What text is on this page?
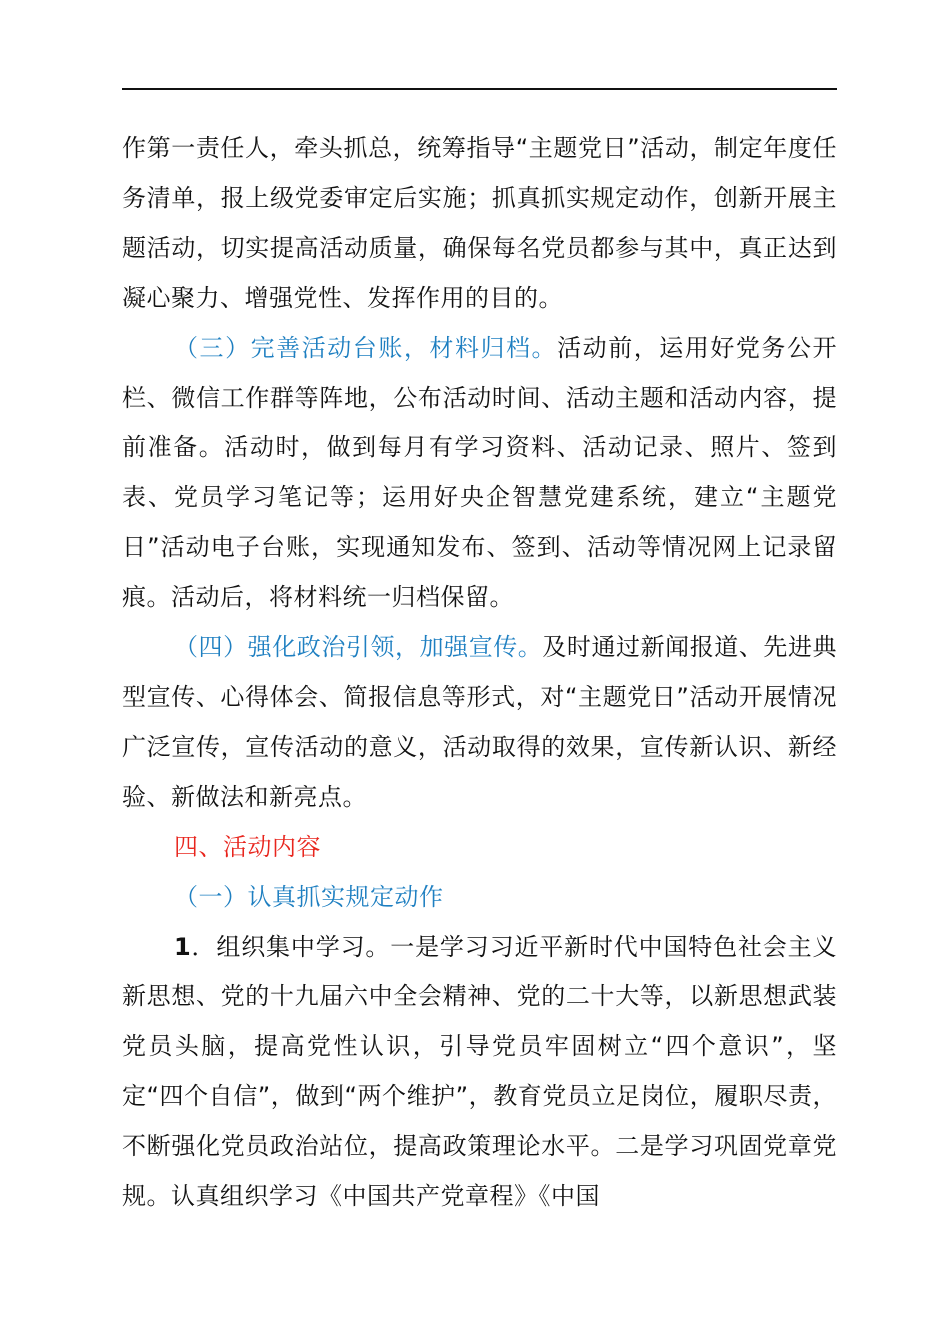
作第一责任人，牵头抓总，统筹指导“主题党日”活动，制定年度任务清单，报上级党委审定后实施；抓真抓实规定动作，创新开展主题活动，切实提高活动质量，确保每名党员都参与其中，真正达到凝心聚力、增强党性、发挥作用的目的。

（三）完善活动台账，材料归档。活动前，运用好党务公开栏、微信工作群等阵地，公布活动时间、活动主题和活动内容，提前准备。活动时，做到每月有学习资料、活动记录、照片、签到表、党员学习笔记等；运用好央企智慧党建系统，建立“主题党日”活动电子台账，实现通知发布、签到、活动等情况网上记录留痕。活动后，将材料统一归档保留。

（四）强化政治引领，加强宣传。及时通过新闻报道、先进典型宣传、心得体会、简报信息等形式，对“主题党日”活动开展情况广泛宣传，宣传活动的意义，活动取得的效果，宣传新认识、新经验、新做法和新亮点。

四、活动内容

（一）认真抓实规定动作

1．组织集中学习。一是学习习近平新时代中国特色社会主义新思想、党的十九届六中全会精神、党的二十大等，以新思想武装党员头脑，提高党性认识，引导党员牢固树立“四个意识”，坚定“四个自信”，做到“两个维护”，教育党员立足岗位，履职尽责，不断强化党员政治站位，提高政策理论水平。二是学习巩固党章党规。认真组织学习《中国共产党章程》《中国
